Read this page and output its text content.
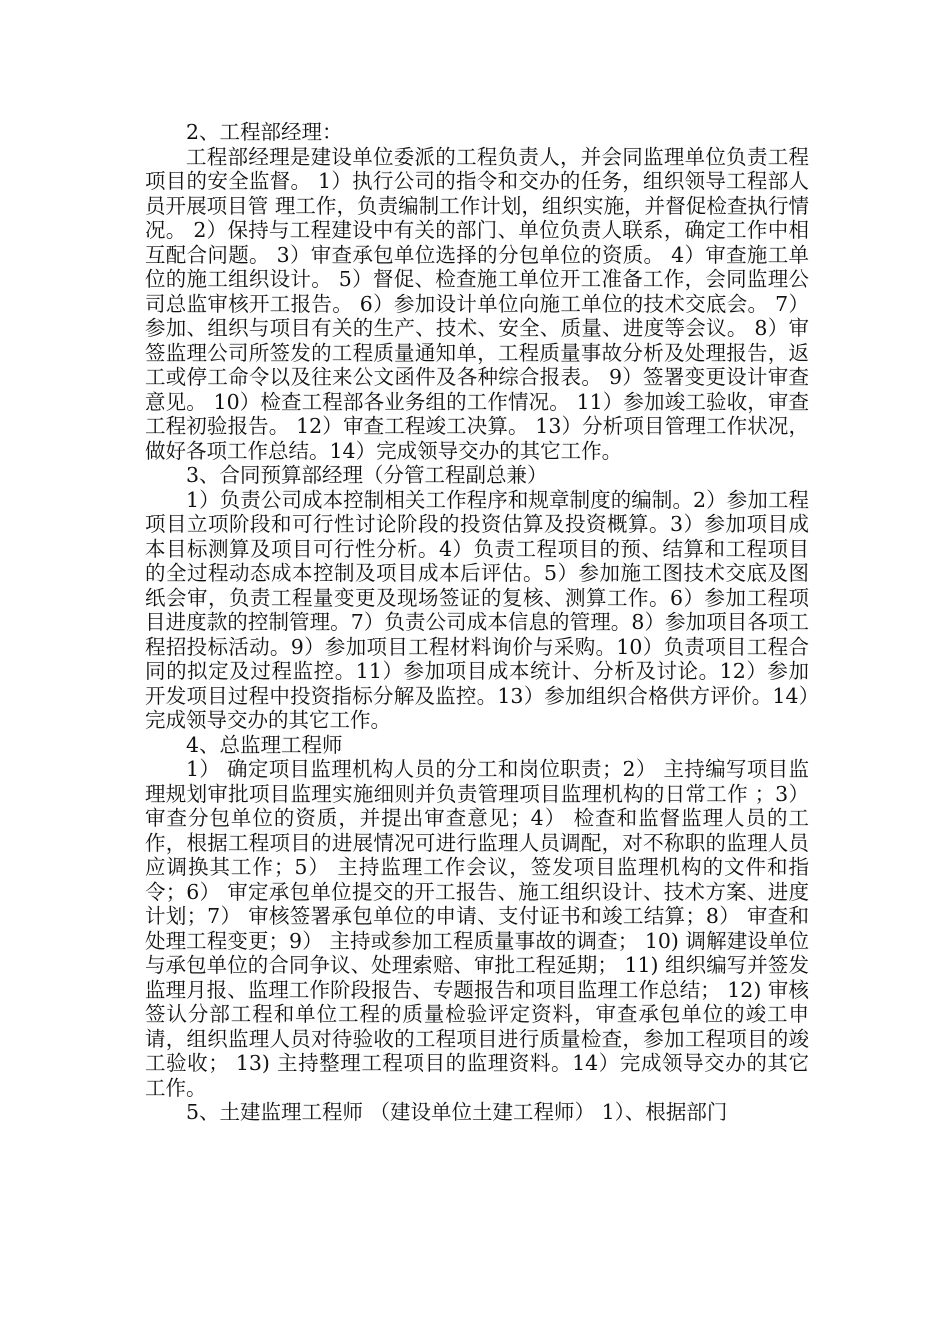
2、工程部经理：

工程部经理是建设单位委派的工程负责人，并会同监理单位负责工程项目的安全监督。 1）执行公司的指令和交办的任务，组织领导工程部人员开展项目管 理工作，负责编制工作计划，组织实施，并督促检查执行情况。 2）保持与工程建设中有关的部门、单位负责人联系，确定工作中相互配合问题。 3）审查承包单位选择的分包单位的资质。 4）审查施工单位的施工组织设计。 5）督促、检查施工单位开工准备工作，会同监理公司总监审核开工报告。 6）参加设计单位向施工单位的技术交底会。 7）参加、组织与项目有关的生产、技术、安全、质量、进度等会议。 8）审签监理公司所签发的工程质量通知单，工程质量事故分析及处理报告，返工或停工命令以及往来公文函件及各种综合报表。 9）签署变更设计审查意见。 10）检查工程部各业务组的工作情况。 11）参加竣工验收，审查工程初验报告。 12）审查工程竣工决算。 13）分析项目管理工作状况，做好各项工作总结。14）完成领导交办的其它工作。

3、合同预算部经理（分管工程副总兼）

1）负责公司成本控制相关工作程序和规章制度的编制。2）参加工程项目立项阶段和可行性讨论阶段的投资估算及投资概算。3）参加项目成本目标测算及项目可行性分析。4）负责工程项目的预、结算和工程项目的全过程动态成本控制及项目成本后评估。5）参加施工图技术交底及图纸会审，负责工程量变更及现场签证的复核、测算工作。6）参加工程项目进度款的控制管理。7）负责公司成本信息的管理。8）参加项目各项工程招投标活动。9）参加项目工程材料询价与采购。10）负责项目工程合同的拟定及过程监控。11）参加项目成本统计、分析及讨论。12）参加开发项目过程中投资指标分解及监控。13）参加组织合格供方评价。14）完成领导交办的其它工作。

4、总监理工程师

1） 确定项目监理机构人员的分工和岗位职责；2） 主持编写项目监理规划审批项目监理实施细则并负责管理项目监理机构的日常工作 ；3） 审查分包单位的资质，并提出审查意见；4） 检查和监督监理人员的工作，根据工程项目的进展情况可进行监理人员调配，对不称职的监理人员应调换其工作；5） 主持监理工作会议，签发项目监理机构的文件和指令；6） 审定承包单位提交的开工报告、施工组织设计、技术方案、进度计划；7） 审核签署承包单位的申请、支付证书和竣工结算；8） 审查和处理工程变更；9） 主持或参加工程质量事故的调查； 10) 调解建设单位与承包单位的合同争议、处理索赔、审批工程延期； 11) 组织编写并签发监理月报、监理工作阶段报告、专题报告和项目监理工作总结； 12) 审核签认分部工程和单位工程的质量检验评定资料，审查承包单位的竣工申请，组织监理人员对待验收的工程项目进行质量检查，参加工程项目的竣工验收； 13) 主持整理工程项目的监理资料。14）完成领导交办的其它工作。

5、土建监理工程师 （建设单位土建工程师） 1）、根据部门
